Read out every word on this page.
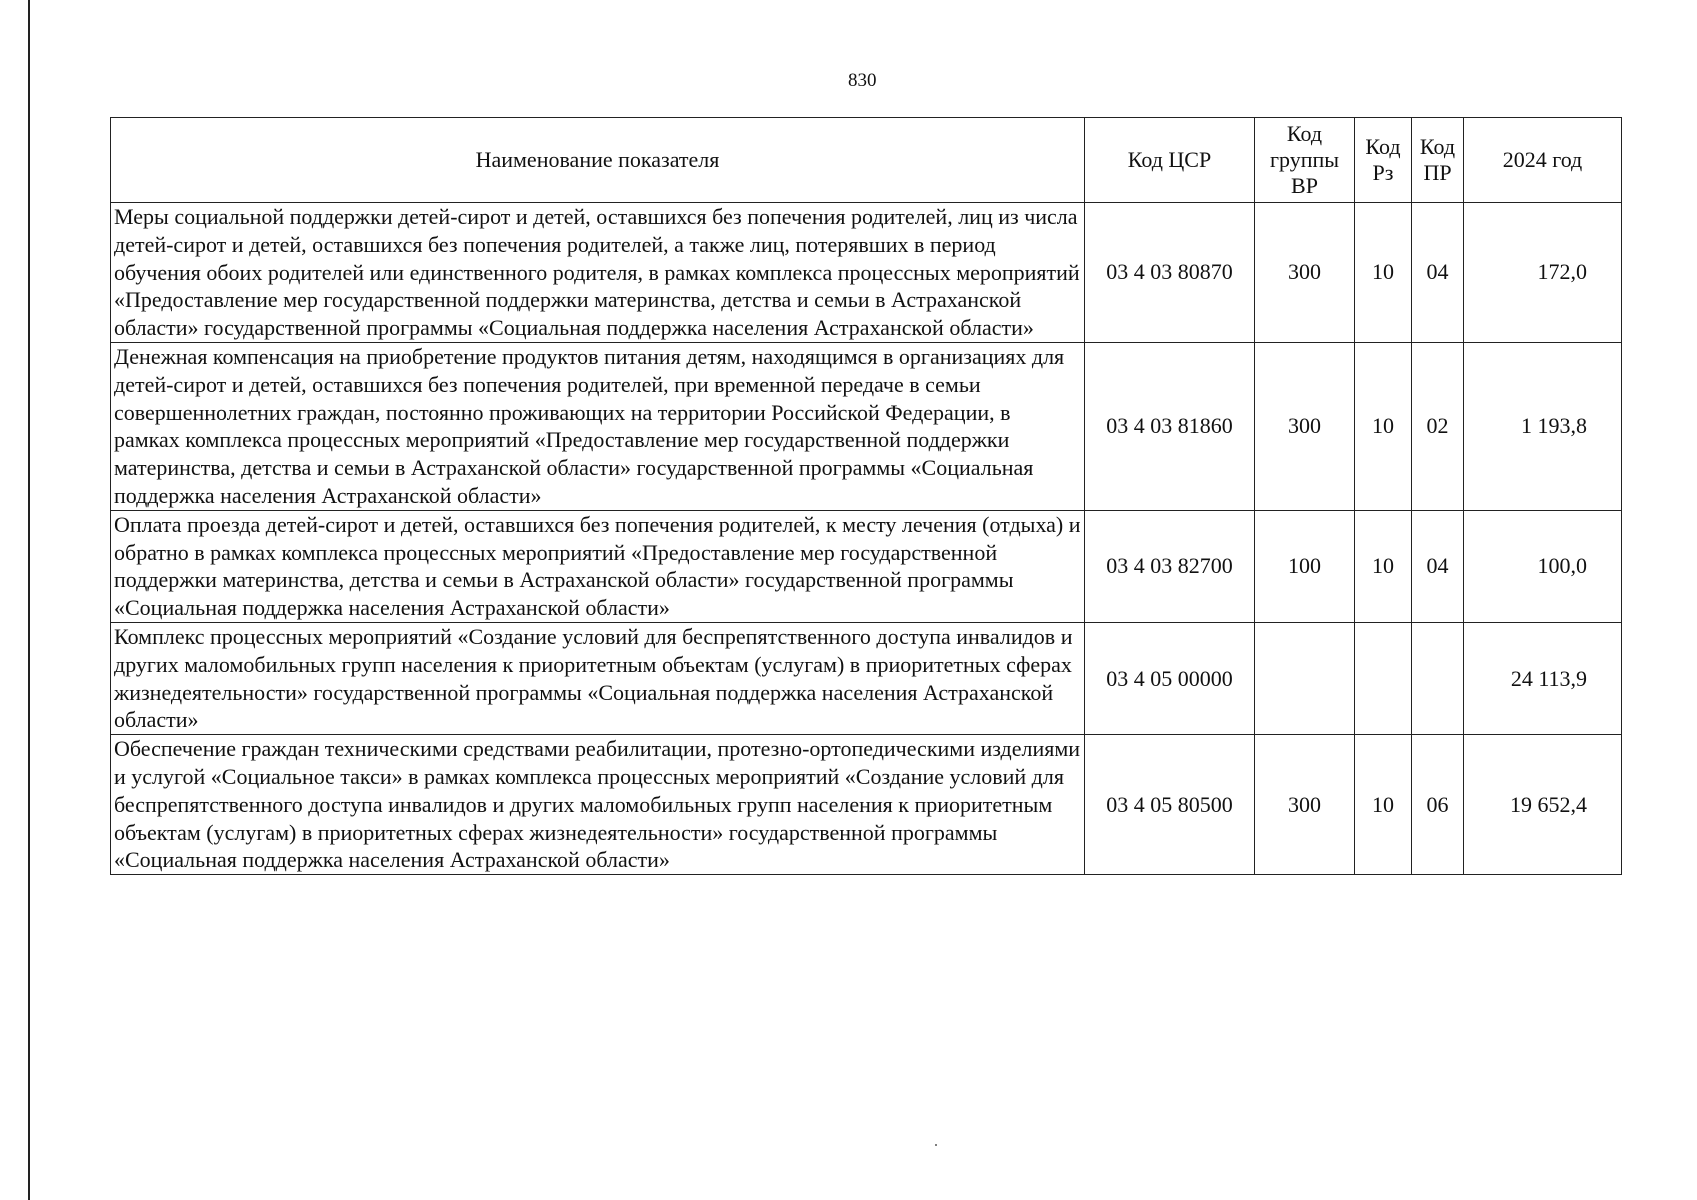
830
Наименование показателя	Код ЦСР	Код группы ВР	Код Рз	Код ПР	2024 год
Меры социальной поддержки детей-сирот и детей, оставшихся без попечения родителей, лиц из числа детей-сирот и детей, оставшихся без попечения родителей, а также лиц, потерявших в период обучения обоих родителей или единственного родителя, в рамках комплекса процессных мероприятий «Предоставление мер государственной поддержки материнства, детства и семьи в Астраханской области» государственной программы «Социальная поддержка населения Астраханской области»	03 4 03 80870	300	10	04	172,0
Денежная компенсация на приобретение продуктов питания детям, находящимся в организациях для детей-сирот и детей, оставшихся без попечения родителей, при временной передаче в семьи совершеннолетних граждан, постоянно проживающих на территории Российской Федерации, в рамках комплекса процессных мероприятий «Предоставление мер государственной поддержки материнства, детства и семьи в Астраханской области» государственной программы «Социальная поддержка населения Астраханской области»	03 4 03 81860	300	10	02	1 193,8
Оплата проезда детей-сирот и детей, оставшихся без попечения родителей, к месту лечения (отдыха) и обратно в рамках комплекса процессных мероприятий «Предоставление мер государственной поддержки материнства, детства и семьи в Астраханской области» государственной программы «Социальная поддержка населения Астраханской области»	03 4 03 82700	100	10	04	100,0
Комплекс процессных мероприятий «Создание условий для беспрепятственного доступа инвалидов и других маломобильных групп населения к приоритетным объектам (услугам) в приоритетных сферах жизнедеятельности» государственной программы «Социальная поддержка населения Астраханской области»	03 4 05 00000				24 113,9
Обеспечение граждан техническими средствами реабилитации, протезно-ортопедическими изделиями и услугой «Социальное такси» в рамках комплекса процессных мероприятий «Создание условий для беспрепятственного доступа инвалидов и других маломобильных групп населения к приоритетным объектам (услугам) в приоритетных сферах жизнедеятельности» государственной программы «Социальная поддержка населения Астраханской области»	03 4 05 80500	300	10	06	19 652,4
